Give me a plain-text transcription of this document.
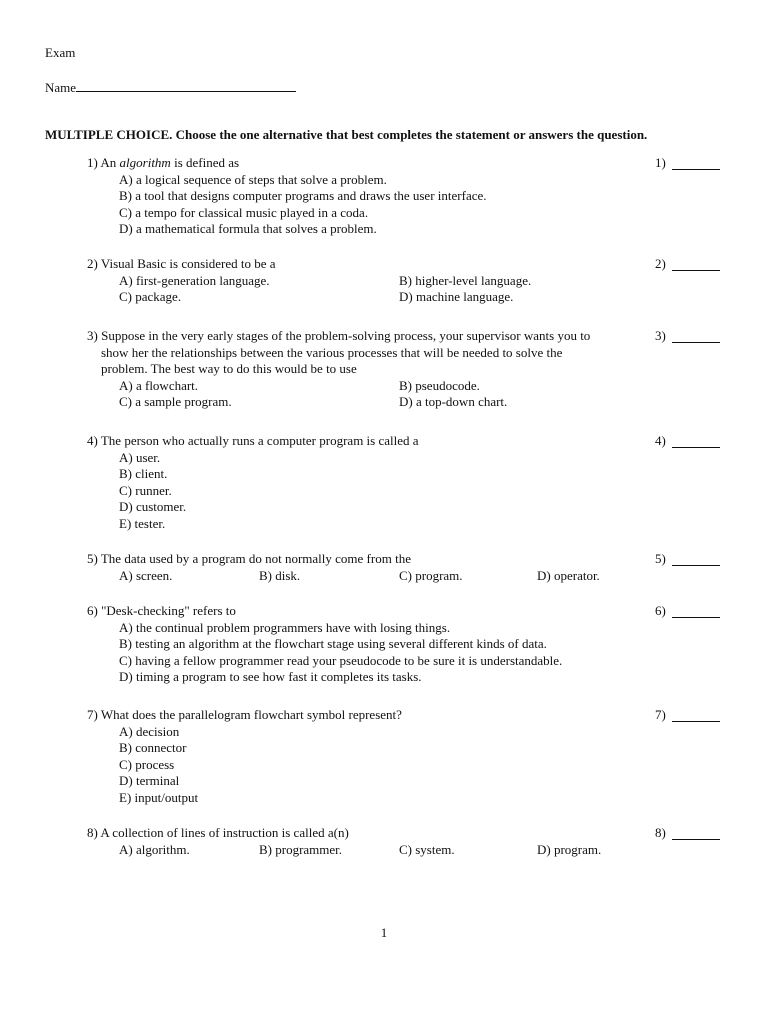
Exam
Name
MULTIPLE CHOICE. Choose the one alternative that best completes the statement or answers the question.
1) An algorithm is defined as
A) a logical sequence of steps that solve a problem.
B) a tool that designs computer programs and draws the user interface.
C) a tempo for classical music played in a coda.
D) a mathematical formula that solves a problem.
1)
2) Visual Basic is considered to be a
A) first-generation language.	B) higher-level language.
C) package.	D) machine language.
2)
3) Suppose in the very early stages of the problem-solving process, your supervisor wants you to
show her the relationships between the various processes that will be needed to solve the
problem. The best way to do this would be to use
A) a flowchart.	B) pseudocode.
C) a sample program.	D) a top-down chart.
3)
4) The person who actually runs a computer program is called a
A) user.
B) client.
C) runner.
D) customer.
E) tester.
4)
5) The data used by a program do not normally come from the
A) screen.	B) disk.	C) program.	D) operator.
5)
6) "Desk-checking" refers to
A) the continual problem programmers have with losing things.
B) testing an algorithm at the flowchart stage using several different kinds of data.
C) having a fellow programmer read your pseudocode to be sure it is understandable.
D) timing a program to see how fast it completes its tasks.
6)
7) What does the parallelogram flowchart symbol represent?
A) decision
B) connector
C) process
D) terminal
E) input/output
7)
8) A collection of lines of instruction is called a(n)
A) algorithm.	B) programmer.	C) system.	D) program.
8)
1
